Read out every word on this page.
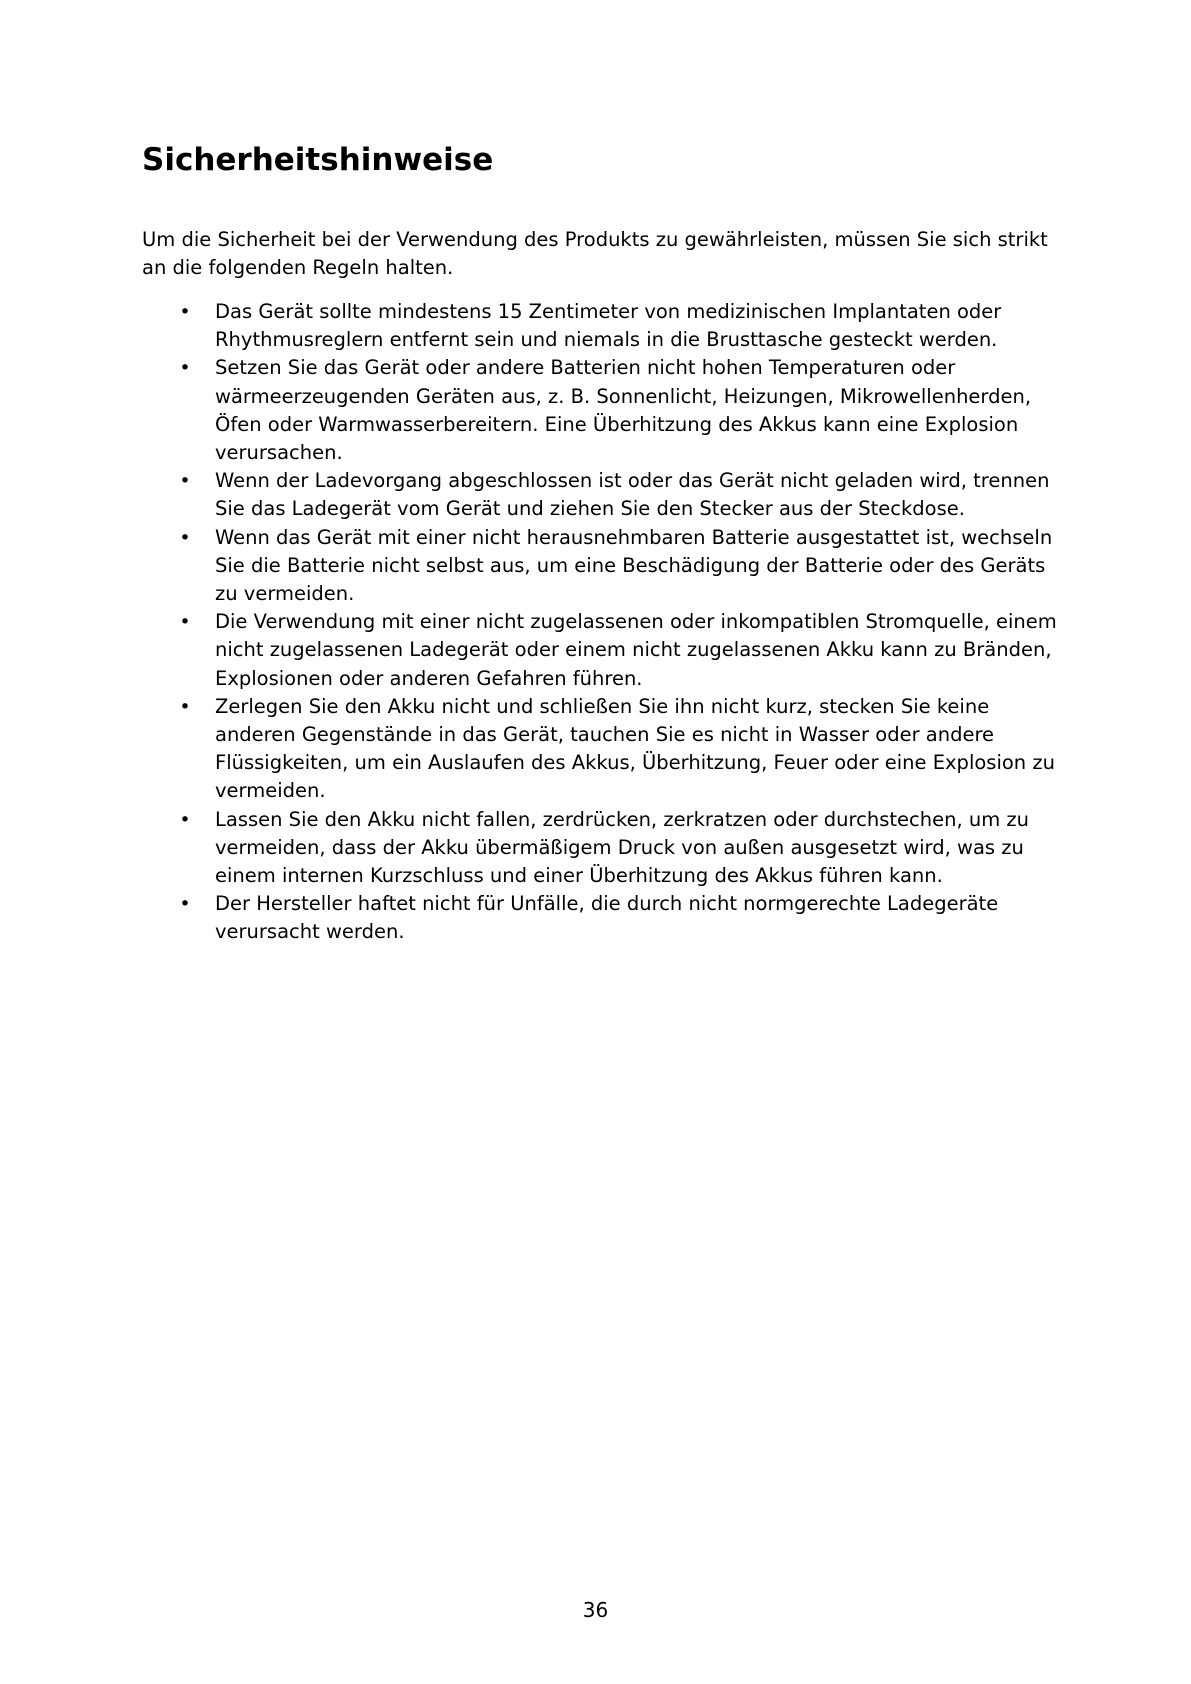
Sicherheitshinweise

Um die Sicherheit bei der Verwendung des Produkts zu gewährleisten, müssen Sie sich strikt an die folgenden Regeln halten.

• Das Gerät sollte mindestens 15 Zentimeter von medizinischen Implantaten oder Rhythmusreglern entfernt sein und niemals in die Brusttasche gesteckt werden.
• Setzen Sie das Gerät oder andere Batterien nicht hohen Temperaturen oder wärmeerzeugenden Geräten aus, z. B. Sonnenlicht, Heizungen, Mikrowellenherden, Öfen oder Warmwasserbereitern. Eine Überhitzung des Akkus kann eine Explosion verursachen.
• Wenn der Ladevorgang abgeschlossen ist oder das Gerät nicht geladen wird, trennen Sie das Ladegerät vom Gerät und ziehen Sie den Stecker aus der Steckdose.
• Wenn das Gerät mit einer nicht herausnehmbaren Batterie ausgestattet ist, wechseln Sie die Batterie nicht selbst aus, um eine Beschädigung der Batterie oder des Geräts zu vermeiden.
• Die Verwendung mit einer nicht zugelassenen oder inkompatiblen Stromquelle, einem nicht zugelassenen Ladegerät oder einem nicht zugelassenen Akku kann zu Bränden, Explosionen oder anderen Gefahren führen.
• Zerlegen Sie den Akku nicht und schließen Sie ihn nicht kurz, stecken Sie keine anderen Gegenstände in das Gerät, tauchen Sie es nicht in Wasser oder andere Flüssigkeiten, um ein Auslaufen des Akkus, Überhitzung, Feuer oder eine Explosion zu vermeiden.
• Lassen Sie den Akku nicht fallen, zerdrücken, zerkratzen oder durchstechen, um zu vermeiden, dass der Akku übermäßigem Druck von außen ausgesetzt wird, was zu einem internen Kurzschluss und einer Überhitzung des Akkus führen kann.
• Der Hersteller haftet nicht für Unfälle, die durch nicht normgerechte Ladegeräte verursacht werden.
36
